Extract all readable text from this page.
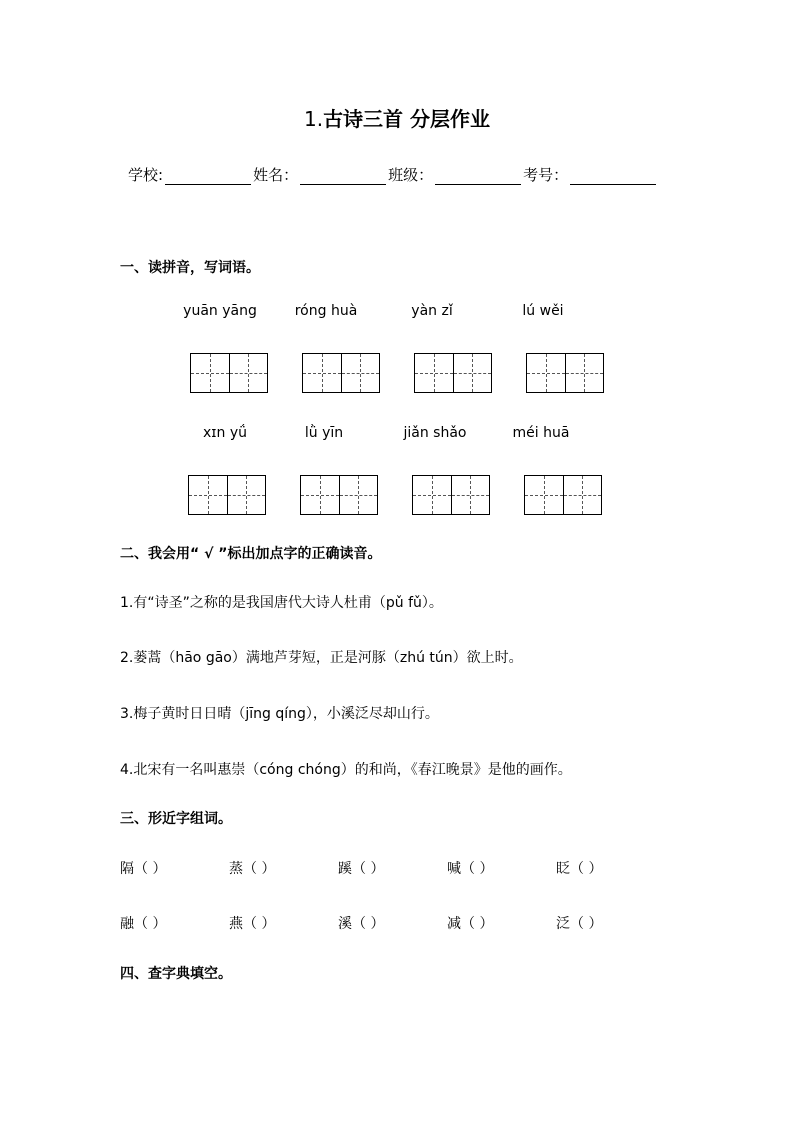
1.古诗三首 分层作业
学校:	姓名：	班级：	考号：
一、读拼音，写词语。
yuān yāng	róng huà	yàn zǐ	lú wěi
xɪn yǘ	lǜ yīn	jiǎn shǎo	méi huā
二、我会用“ √ ”标出加点字的正确读音。
1.有“诗圣”之称的是我国唐代大诗人杜甫（pǔ fǔ）。
2.蒌蒿（hāo gāo）满地芦芽短，正是河豚（zhú tún）欲上时。
3.梅子黄时日日晴（jīng qíng），小溪泛尽却山行。
4.北宋有一名叫惠崇（cóng chóng）的和尚，《春江晚景》是他的画作。
三、形近字组词。
隔（ ）	蒸（ ）	蹊（ ）	喊（ ）	眨（ ）
融（ ）	燕（ ）	溪（ ）	减（ ）	泛（ ）
四、查字典填空。
